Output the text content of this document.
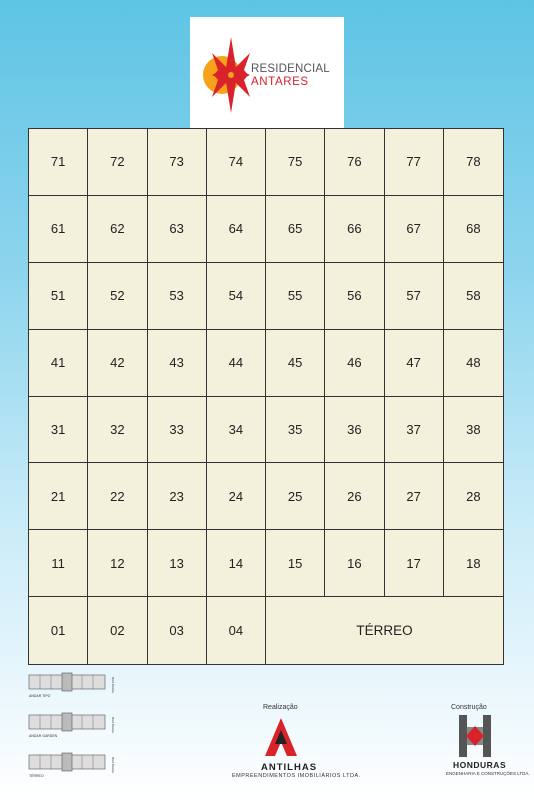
RESIDENCIAL
ANTARES
71	72	73	74	75	76	77	78
61	62	63	64	65	66	67	68
51	52	53	54	55	56	57	58
41	42	43	44	45	46	47	48
31	32	33	34	35	36	37	38
21	22	23	24	25	26	27	28
11	12	13	14	15	16	17	18
01	02	03	04	TÉRREO
ANDAR TIPO
RUA BAHIA
ANDAR GARDEN
RUA BAHIA
TÉRREO
RUA BAHIA
Realização
ANTILHAS
EMPREENDIMENTOS IMOBILIÁRIOS LTDA.
Construção
HONDURAS
ENGENHARIA E CONSTRUÇÕES LTDA.
